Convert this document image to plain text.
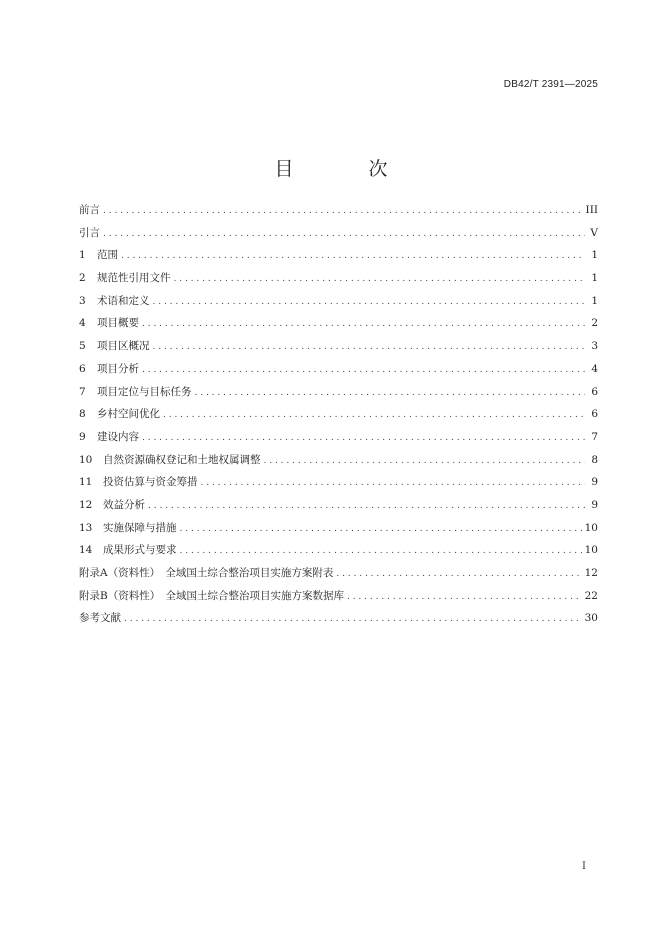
DB42/T 2391—2025
目　次
前言 . . .	III
引言 . . .	V
1 范围 . . .	1
2 规范性引用文件 . . .	1
3 术语和定义 . . .	1
4 项目概要 . . .	2
5 项目区概况 . . .	3
6 项目分析 . . .	4
7 项目定位与目标任务 . . .	6
8 乡村空间优化 . . .	6
9 建设内容 . . .	7
10 自然资源确权登记和土地权属调整 . . .	8
11 投资估算与资金筹措 . . .	9
12 效益分析 . . .	9
13 实施保障与措施 . . .	10
14 成果形式与要求 . . .	10
附录A（资料性）　全域国土综合整治项目实施方案附表 . . .	12
附录B（资料性）　全域国土综合整治项目实施方案数据库 . . .	22
参考文献 . . .	30
I
